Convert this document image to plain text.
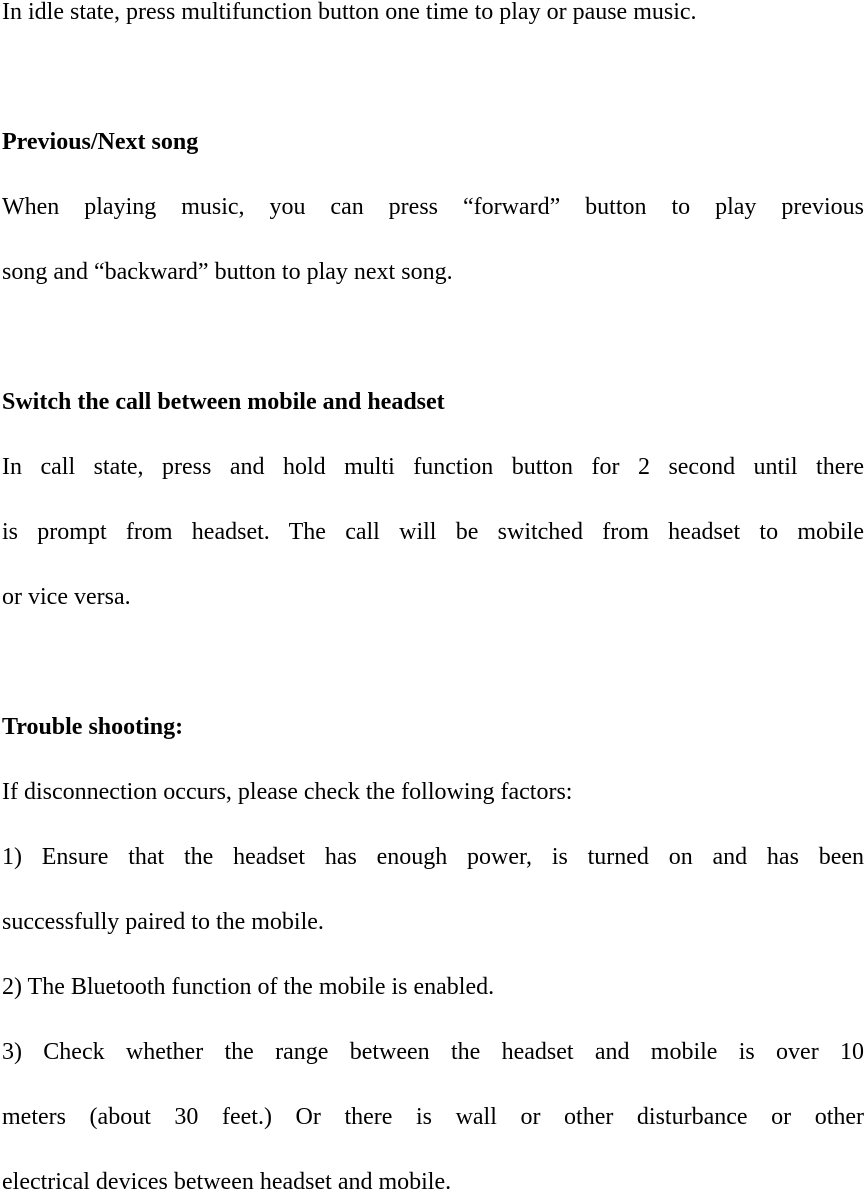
In idle state, press multifunction button one time to play or pause music.
Previous/Next song
When playing music, you can press “forward” button to play previous
song and “backward” button to play next song.
Switch the call between mobile and headset
In call state, press and hold multi function button for 2 second until there
is prompt from headset. The call will be switched from headset to mobile
or vice versa.
Trouble shooting:
If disconnection occurs, please check the following factors:
1) Ensure that the headset has enough power, is turned on and has been
successfully paired to the mobile.
2) The Bluetooth function of the mobile is enabled.
3) Check whether the range between the headset and mobile is over 10
meters (about 30 feet.) Or there is wall or other disturbance or other
electrical devices between headset and mobile.
